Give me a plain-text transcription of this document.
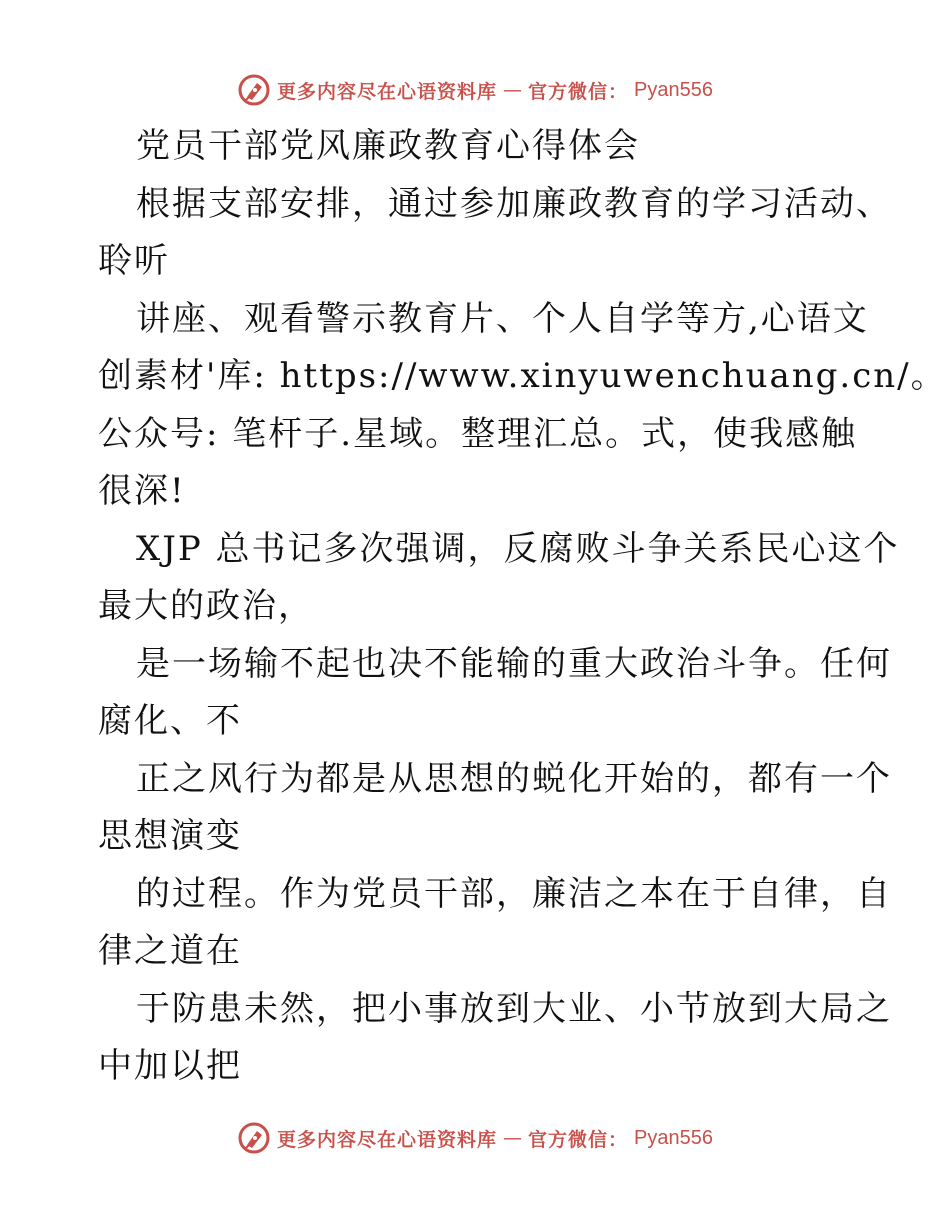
更多内容尽在心语资料库 — 官方微信： Pyan556
党员干部党风廉政教育心得体会
根据支部安排，通过参加廉政教育的学习活动、
聆听
讲座、观看警示教育片、个人自学等方,心语文
创素材'库: https://www.xinyuwenchuang.cn/。
公众号: 笔杆子.星域。整理汇总。式，使我感触
很深!
XJP 总书记多次强调，反腐败斗争关系民心这个
最大的政治，
是一场输不起也决不能输的重大政治斗争。任何
腐化、不
正之风行为都是从思想的蜕化开始的，都有一个
思想演变
的过程。作为党员干部，廉洁之本在于自律，自
律之道在
于防患未然，把小事放到大业、小节放到大局之
中加以把
更多内容尽在心语资料库 — 官方微信： Pyan556
